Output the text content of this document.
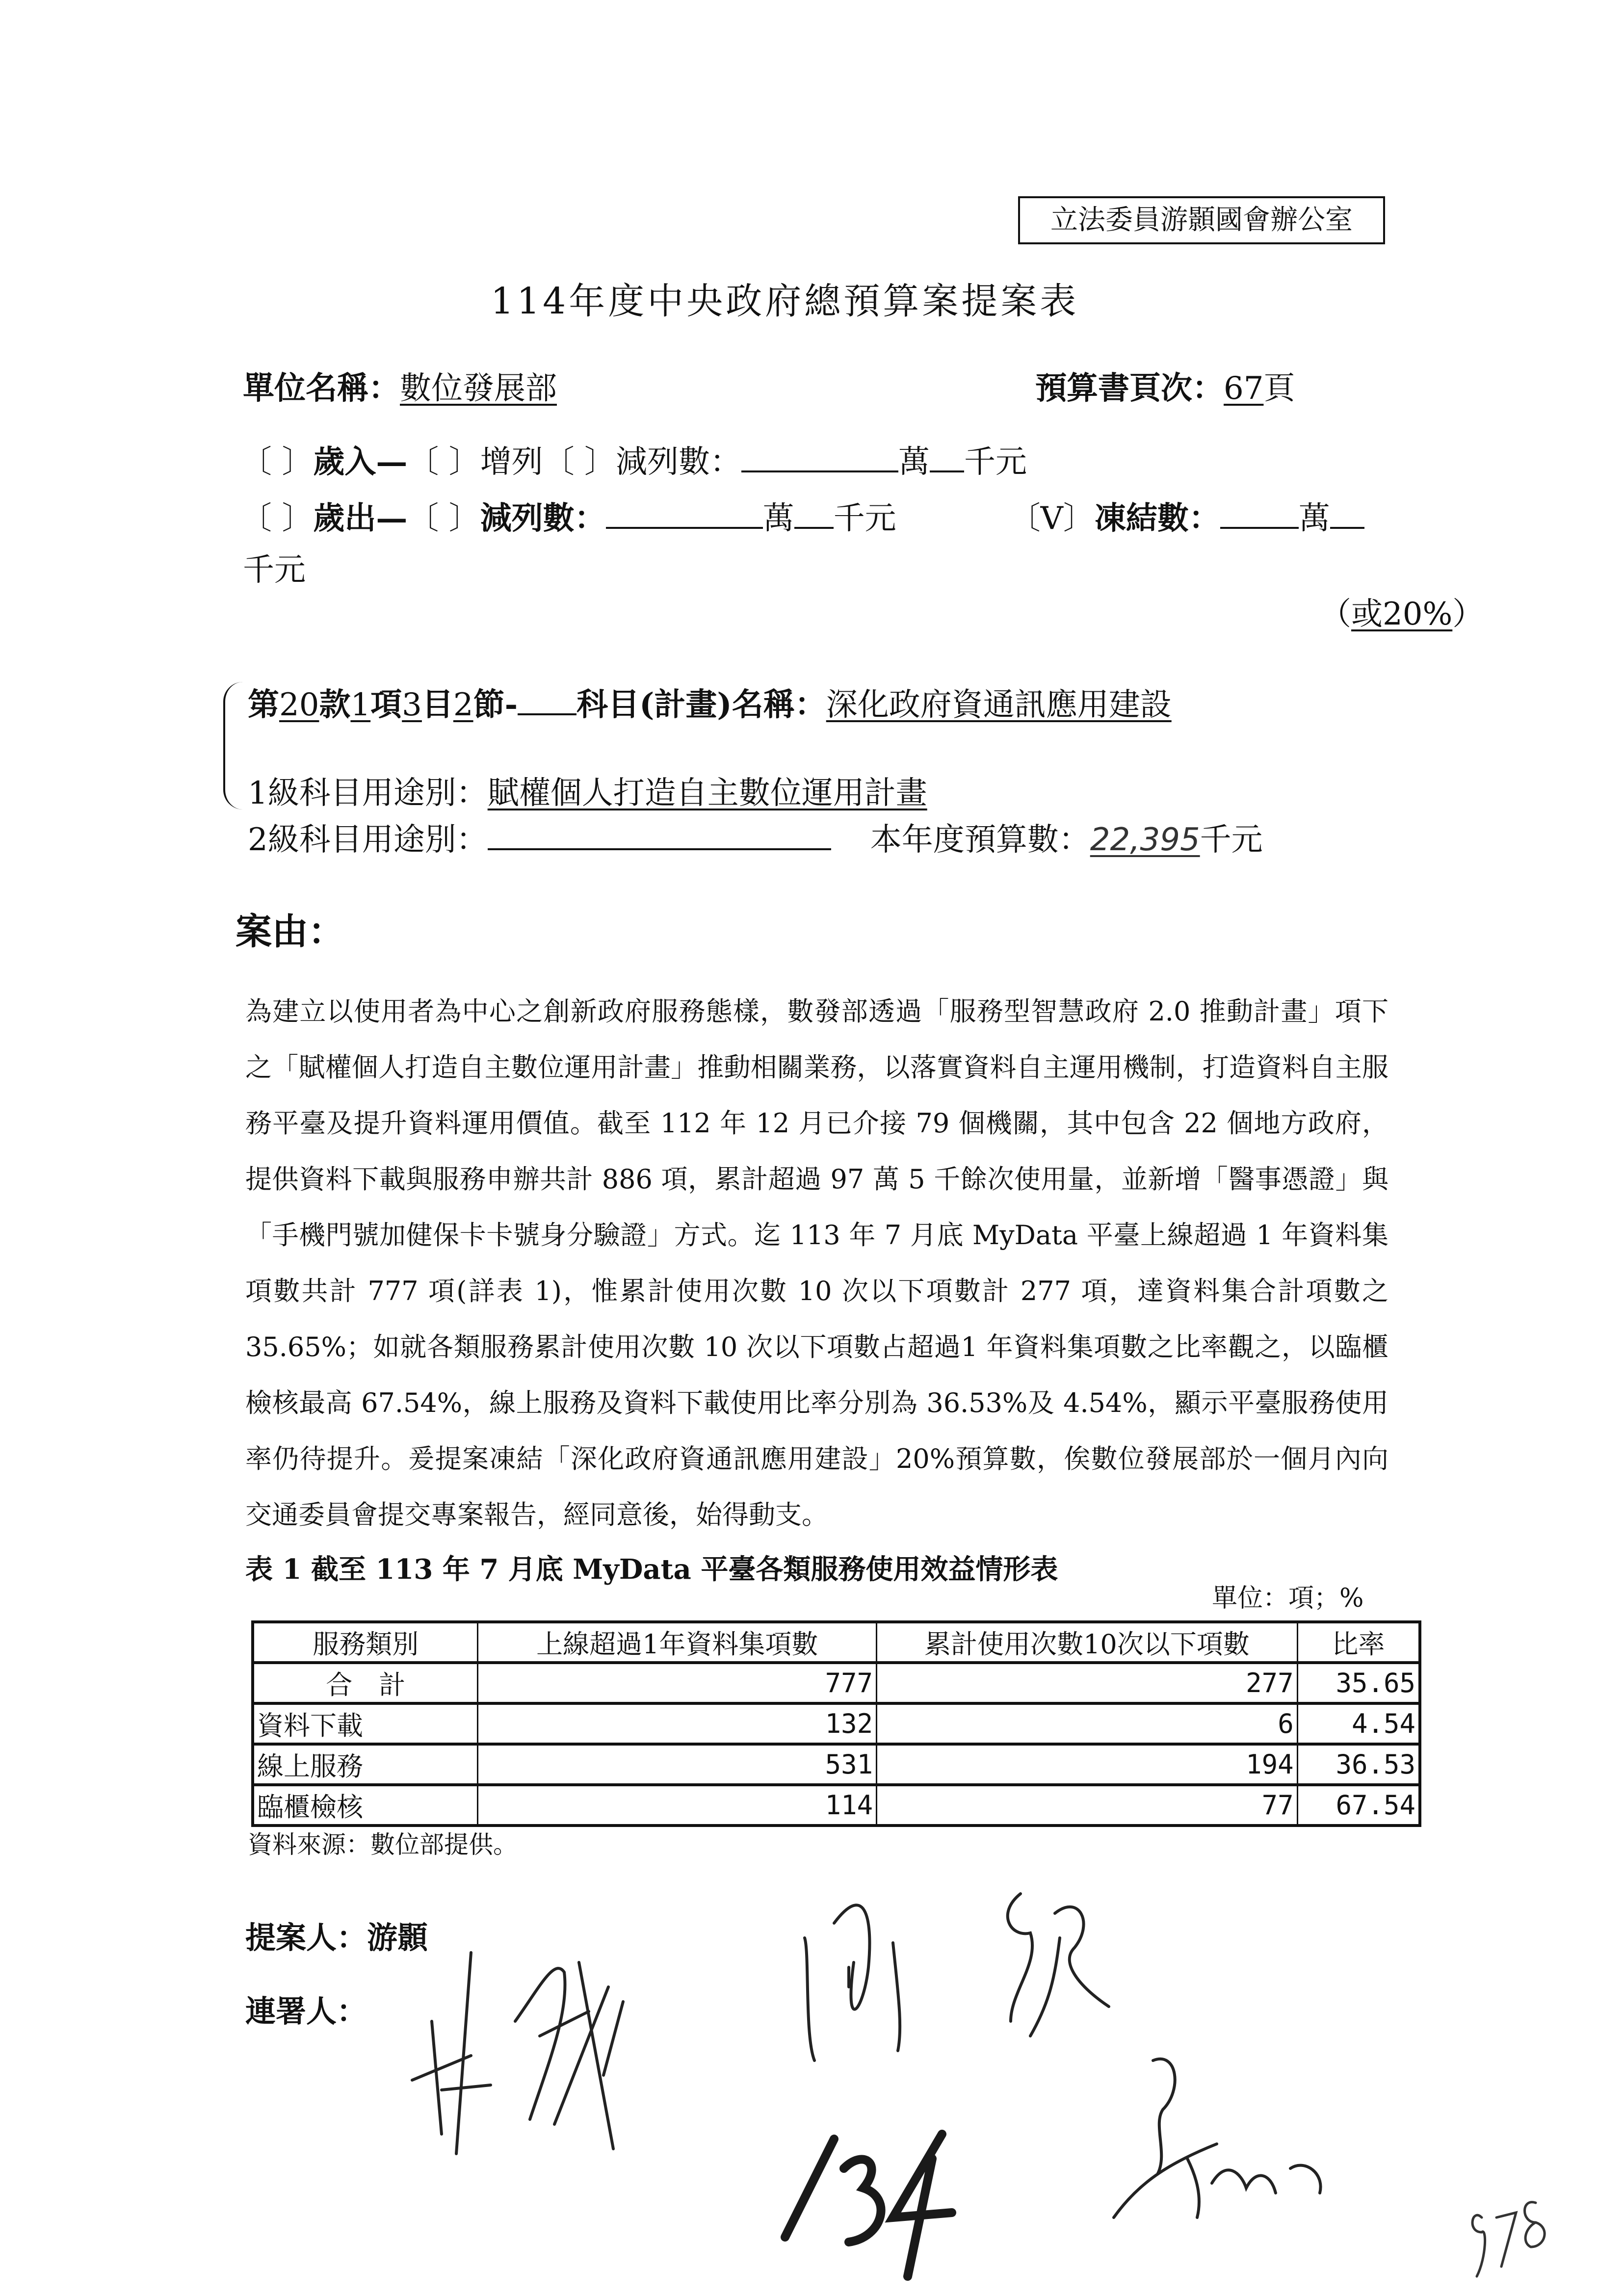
立法委員游顥國會辦公室
114年度中央政府總預算案提案表
單位名稱：數位發展部	預算書頁次：67頁
〔 〕歲入—〔 〕增列〔 〕減列數：	萬 千元
〔 〕歲出—〔 〕減列數：	萬 千元	〔V〕凍結數：	萬
千元
（或20%）
第20款1項3目2節- 科目(計畫)名稱：深化政府資通訊應用建設
1級科目用途別：賦權個人打造自主數位運用計畫
2級科目用途別：	本年度預算數：22,395千元
案由：
為建立以使用者為中心之創新政府服務態樣，數發部透過「服務型智慧政府 2.0 推動計畫」項下之「賦權個人打造自主數位運用計畫」推動相關業務，以落實資料自主運用機制，打造資料自主服務平臺及提升資料運用價值。截至 112 年 12 月已介接 79 個機關，其中包含 22 個地方政府，提供資料下載與服務申辦共計 886 項，累計超過 97 萬 5 千餘次使用量，並新增「醫事憑證」與「手機門號加健保卡卡號身分驗證」方式。迄 113 年 7 月底 MyData 平臺上線超過 1 年資料集項數共計 777 項(詳表 1)，惟累計使用次數 10 次以下項數計 277 項，達資料集合計項數之 35.65%；如就各類服務累計使用次數 10 次以下項數占超過1 年資料集項數之比率觀之，以臨櫃檢核最高 67.54%，線上服務及資料下載使用比率分別為 36.53%及 4.54%，顯示平臺服務使用率仍待提升。爰提案凍結「深化政府資通訊應用建設」20%預算數，俟數位發展部於一個月內向交通委員會提交專案報告，經同意後，始得動支。
表 1 截至 113 年 7 月底 MyData 平臺各類服務使用效益情形表
單位：項；%
服務類別	上線超過1年資料集項數	累計使用次數10次以下項數	比率
合　計	777	277	35.65
資料下載	132	6	4.54
線上服務	531	194	36.53
臨櫃檢核	114	77	67.54
資料來源：數位部提供。
提案人：游顥
連署人：
